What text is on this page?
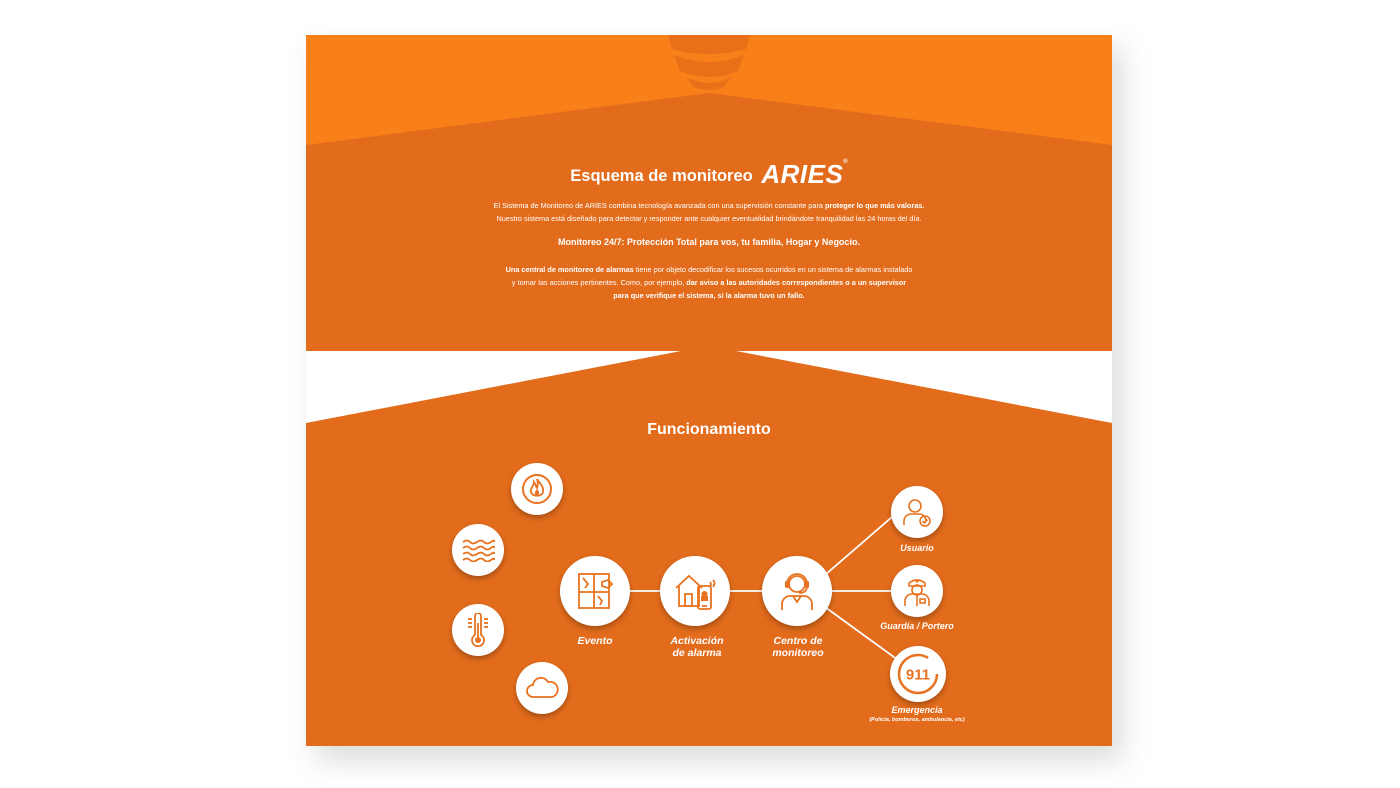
Esquema de monitoreo ARIES®
El Sistema de Monitoreo de ARIES combina tecnología avanzada con una supervisión constante para proteger lo que más valoras.
Nuestro sistema está diseñado para detectar y responder ante cualquier eventualidad brindándote tranquilidad las 24 horas del día.
Monitoreo 24/7: Protección Total para vos, tu familia, Hogar y Negocio.
Una central de monitoreo de alarmas tiene por objeto decodificar los sucesos ocurridos en un sistema de alarmas instalado
y tomar las acciones pertinentes. Como, por ejemplo, dar aviso a las autoridades correspondientes o a un supervisor
para que verifique el sistema, si la alarma tuvo un fallo.
Funcionamiento
911
Evento	Activación
de alarma
Centro de
monitoreo
Usuario
Guardia / Portero
Emergencia
(Policía, bomberos, ambulancia, etc)
